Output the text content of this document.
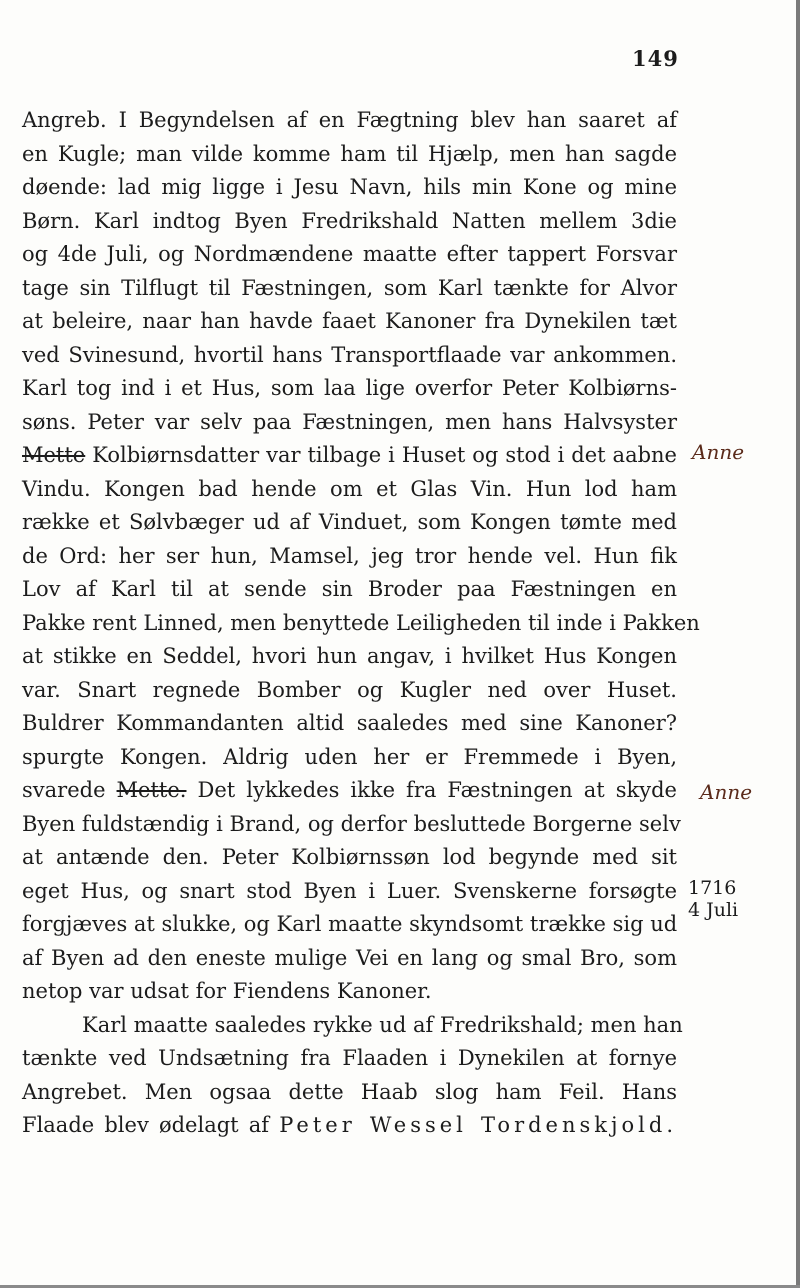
149
Angreb. I Begyndelsen af en Fægtning blev han saaret af
en Kugle; man vilde komme ham til Hjælp, men han sagde
døende: lad mig ligge i Jesu Navn, hils min Kone og mine
Børn. Karl indtog Byen Fredrikshald Natten mellem 3die
og 4de Juli, og Nordmændene maatte efter tappert Forsvar
tage sin Tilflugt til Fæstningen, som Karl tænkte for Alvor
at beleire, naar han havde faaet Kanoner fra Dynekilen tæt
ved Svinesund, hvortil hans Transportflaade var ankommen.
Karl tog ind i et Hus, som laa lige overfor Peter Kolbiørns-
søns. Peter var selv paa Fæstningen, men hans Halvsyster
Mette Kolbiørnsdatter var tilbage i Huset og stod i det aabne
Vindu. Kongen bad hende om et Glas Vin. Hun lod ham
række et Sølvbæger ud af Vinduet, som Kongen tømte med
de Ord: her ser hun, Mamsel, jeg tror hende vel. Hun fik
Lov af Karl til at sende sin Broder paa Fæstningen en
Pakke rent Linned, men benyttede Leiligheden til inde i Pakken
at stikke en Seddel, hvori hun angav, i hvilket Hus Kongen
var. Snart regnede Bomber og Kugler ned over Huset.
Buldrer Kommandanten altid saaledes med sine Kanoner?
spurgte Kongen. Aldrig uden her er Fremmede i Byen,
svarede Mette. Det lykkedes ikke fra Fæstningen at skyde
Byen fuldstændig i Brand, og derfor besluttede Borgerne selv
at antænde den. Peter Kolbiørnssøn lod begynde med sit
eget Hus, og snart stod Byen i Luer. Svenskerne forsøgte
forgjæves at slukke, og Karl maatte skyndsomt trække sig ud
af Byen ad den eneste mulige Vei en lang og smal Bro, som
netop var udsat for Fiendens Kanoner.
Karl maatte saaledes rykke ud af Fredrikshald; men han
tænkte ved Undsætning fra Flaaden i Dynekilen at fornye
Angrebet. Men ogsaa dette Haab slog ham Feil. Hans
Flaade blev ødelagt af Peter Wessel Tordenskjold.
Anne
Anne
1716
4 Juli
